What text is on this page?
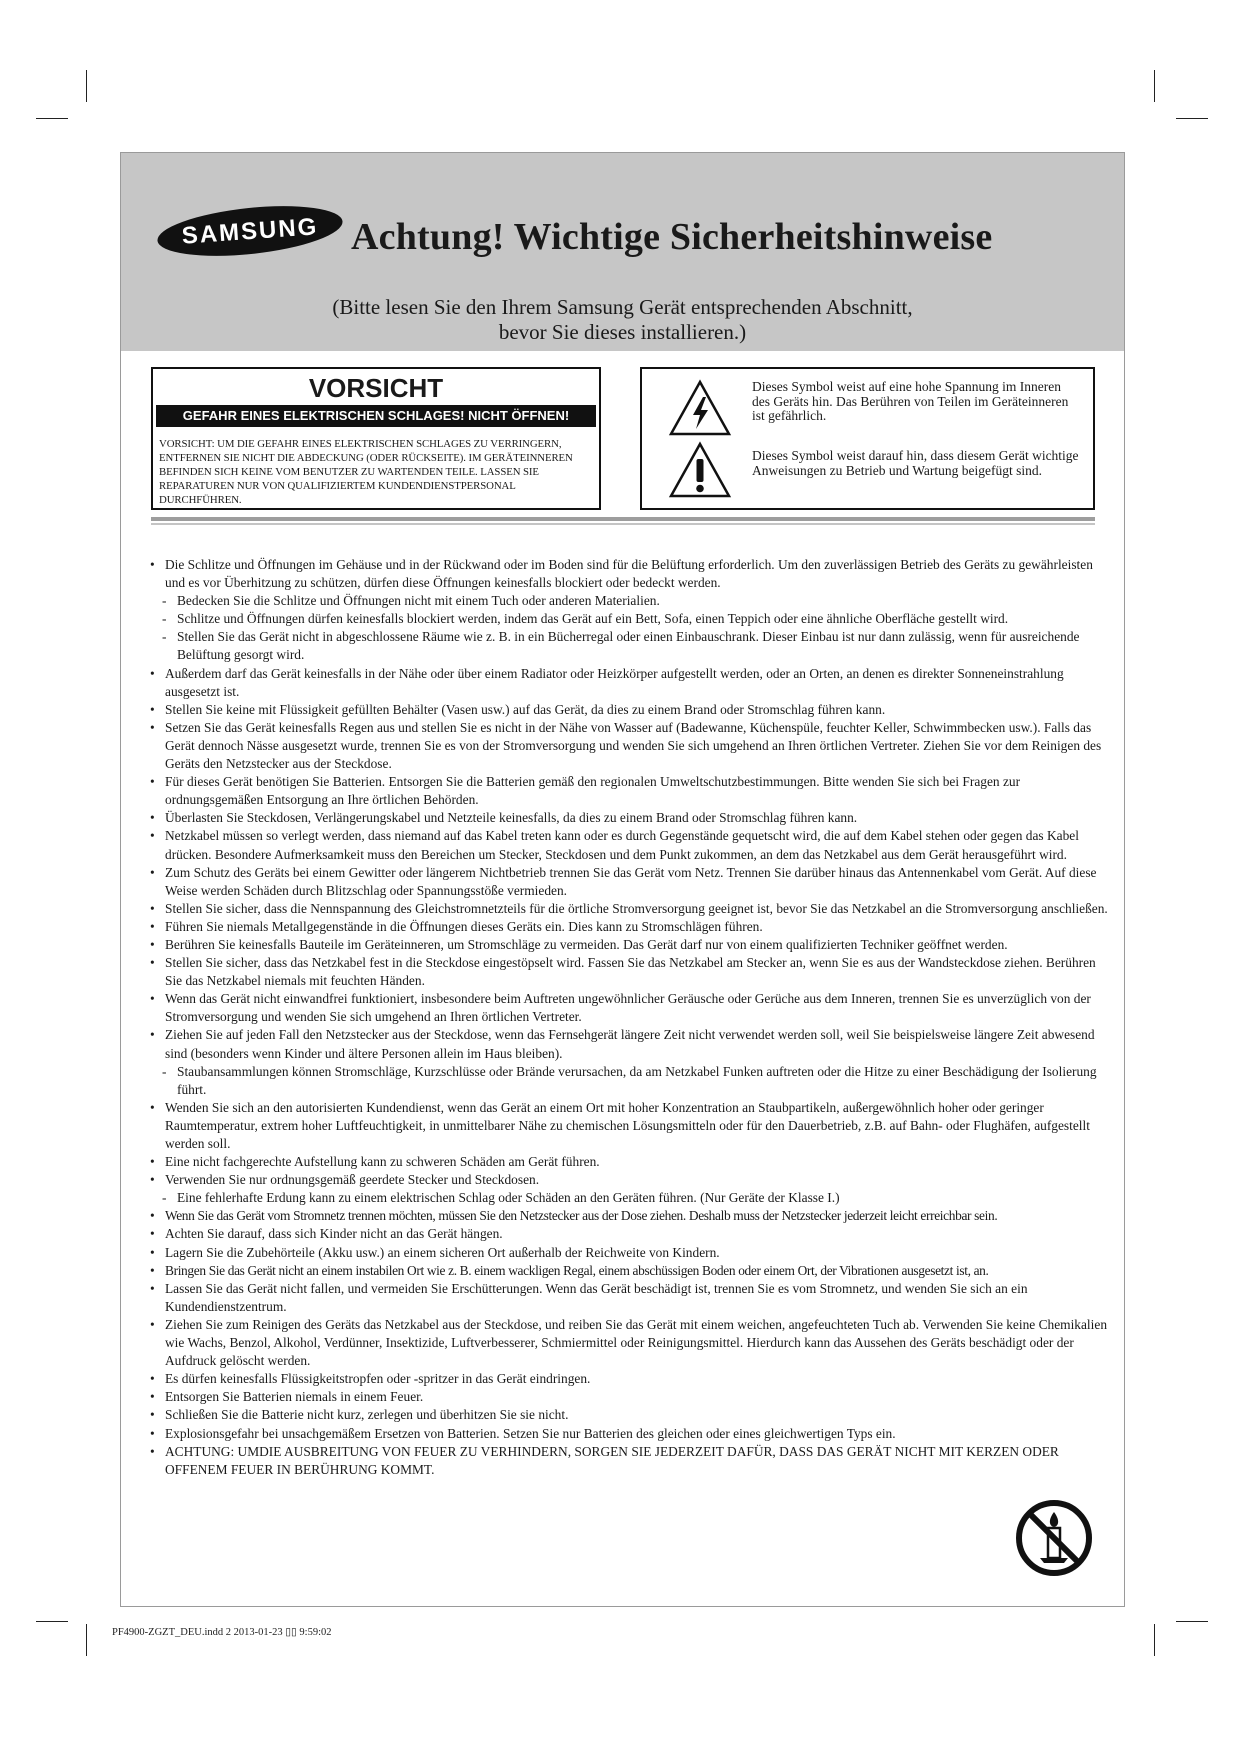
SAMSUNG Achtung! Wichtige Sicherheitshinweise
(Bitte lesen Sie den Ihrem Samsung Gerät entsprechenden Abschnitt,
bevor Sie dieses installieren.)
VORSICHT
GEFAHR EINES ELEKTRISCHEN SCHLAGES! NICHT ÖFFNEN!
VORSICHT: UM DIE GEFAHR EINES ELEKTRISCHEN SCHLAGES ZU VERRINGERN, ENTFERNEN SIE NICHT DIE ABDECKUNG (ODER RÜCKSEITE). IM GERÄTEINNEREN BEFINDEN SICH KEINE VOM BENUTZER ZU WARTENDEN TEILE. LASSEN SIE REPARATUREN NUR VON QUALIFIZIERTEM KUNDENDIENSTPERSONAL DURCHFÜHREN.
Dieses Symbol weist auf eine hohe Spannung im Inneren des Geräts hin. Das Berühren von Teilen im Geräteinneren ist gefährlich.
Dieses Symbol weist darauf hin, dass diesem Gerät wichtige Anweisungen zu Betrieb und Wartung beigefügt sind.
• Die Schlitze und Öffnungen im Gehäuse und in der Rückwand oder im Boden sind für die Belüftung erforderlich. Um den zuverlässigen Betrieb des Geräts zu gewährleisten und es vor Überhitzung zu schützen, dürfen diese Öffnungen keinesfalls blockiert oder bedeckt werden.
- Bedecken Sie die Schlitze und Öffnungen nicht mit einem Tuch oder anderen Materialien.
- Schlitze und Öffnungen dürfen keinesfalls blockiert werden, indem das Gerät auf ein Bett, Sofa, einen Teppich oder eine ähnliche Oberfläche gestellt wird.
- Stellen Sie das Gerät nicht in abgeschlossene Räume wie z. B. in ein Bücherregal oder einen Einbauschrank. Dieser Einbau ist nur dann zulässig, wenn für ausreichende Belüftung gesorgt wird.
• Außerdem darf das Gerät keinesfalls in der Nähe oder über einem Radiator oder Heizkörper aufgestellt werden, oder an Orten, an denen es direkter Sonneneinstrahlung ausgesetzt ist.
• Stellen Sie keine mit Flüssigkeit gefüllten Behälter (Vasen usw.) auf das Gerät, da dies zu einem Brand oder Stromschlag führen kann.
• Setzen Sie das Gerät keinesfalls Regen aus und stellen Sie es nicht in der Nähe von Wasser auf (Badewanne, Küchenspüle, feuchter Keller, Schwimmbecken usw.). Falls das Gerät dennoch Nässe ausgesetzt wurde, trennen Sie es von der Stromversorgung und wenden Sie sich umgehend an Ihren örtlichen Vertreter. Ziehen Sie vor dem Reinigen des Geräts den Netzstecker aus der Steckdose.
• Für dieses Gerät benötigen Sie Batterien. Entsorgen Sie die Batterien gemäß den regionalen Umweltschutzbestimmungen. Bitte wenden Sie sich bei Fragen zur ordnungsgemäßen Entsorgung an Ihre örtlichen Behörden.
• Überlasten Sie Steckdosen, Verlängerungskabel und Netzteile keinesfalls, da dies zu einem Brand oder Stromschlag führen kann.
• Netzkabel müssen so verlegt werden, dass niemand auf das Kabel treten kann oder es durch Gegenstände gequetscht wird, die auf dem Kabel stehen oder gegen das Kabel drücken. Besondere Aufmerksamkeit muss den Bereichen um Stecker, Steckdosen und dem Punkt zukommen, an dem das Netzkabel aus dem Gerät herausgeführt wird.
• Zum Schutz des Geräts bei einem Gewitter oder längerem Nichtbetrieb trennen Sie das Gerät vom Netz. Trennen Sie darüber hinaus das Antennenkabel vom Gerät. Auf diese Weise werden Schäden durch Blitzschlag oder Spannungsstöße vermieden.
• Stellen Sie sicher, dass die Nennspannung des Gleichstromnetzteils für die örtliche Stromversorgung geeignet ist, bevor Sie das Netzkabel an die Stromversorgung anschließen.
• Führen Sie niemals Metallgegenstände in die Öffnungen dieses Geräts ein. Dies kann zu Stromschlägen führen.
• Berühren Sie keinesfalls Bauteile im Geräteinneren, um Stromschläge zu vermeiden. Das Gerät darf nur von einem qualifizierten Techniker geöffnet werden.
• Stellen Sie sicher, dass das Netzkabel fest in die Steckdose eingestöpselt wird. Fassen Sie das Netzkabel am Stecker an, wenn Sie es aus der Wandsteckdose ziehen. Berühren Sie das Netzkabel niemals mit feuchten Händen.
• Wenn das Gerät nicht einwandfrei funktioniert, insbesondere beim Auftreten ungewöhnlicher Geräusche oder Gerüche aus dem Inneren, trennen Sie es unverzüglich von der Stromversorgung und wenden Sie sich umgehend an Ihren örtlichen Vertreter.
• Ziehen Sie auf jeden Fall den Netzstecker aus der Steckdose, wenn das Fernsehgerät längere Zeit nicht verwendet werden soll, weil Sie beispielsweise längere Zeit abwesend sind (besonders wenn Kinder und ältere Personen allein im Haus bleiben).
- Staubansammlungen können Stromschläge, Kurzschlüsse oder Brände verursachen, da am Netzkabel Funken auftreten oder die Hitze zu einer Beschädigung der Isolierung führt.
• Wenden Sie sich an den autorisierten Kundendienst, wenn das Gerät an einem Ort mit hoher Konzentration an Staubpartikeln, außergewöhnlich hoher oder geringer Raumtemperatur, extrem hoher Luftfeuchtigkeit, in unmittelbarer Nähe zu chemischen Lösungsmitteln oder für den Dauerbetrieb, z.B. auf Bahn- oder Flughäfen, aufgestellt werden soll.
• Eine nicht fachgerechte Aufstellung kann zu schweren Schäden am Gerät führen.
• Verwenden Sie nur ordnungsgemäß geerdete Stecker und Steckdosen.
- Eine fehlerhafte Erdung kann zu einem elektrischen Schlag oder Schäden an den Geräten führen. (Nur Geräte der Klasse I.)
• Wenn Sie das Gerät vom Stromnetz trennen möchten, müssen Sie den Netzstecker aus der Dose ziehen. Deshalb muss der Netzstecker jederzeit leicht erreichbar sein.
• Achten Sie darauf, dass sich Kinder nicht an das Gerät hängen.
• Lagern Sie die Zubehörteile (Akku usw.) an einem sicheren Ort außerhalb der Reichweite von Kindern.
• Bringen Sie das Gerät nicht an einem instabilen Ort wie z. B. einem wackligen Regal, einem abschüssigen Boden oder einem Ort, der Vibrationen ausgesetzt ist, an.
• Lassen Sie das Gerät nicht fallen, und vermeiden Sie Erschütterungen. Wenn das Gerät beschädigt ist, trennen Sie es vom Stromnetz, und wenden Sie sich an ein Kundendienstzentrum.
• Ziehen Sie zum Reinigen des Geräts das Netzkabel aus der Steckdose, und reiben Sie das Gerät mit einem weichen, angefeuchteten Tuch ab. Verwenden Sie keine Chemikalien wie Wachs, Benzol, Alkohol, Verdünner, Insektizide, Luftverbesserer, Schmiermittel oder Reinigungsmittel. Hierdurch kann das Aussehen des Geräts beschädigt oder der Aufdruck gelöscht werden.
• Es dürfen keinesfalls Flüssigkeitstropfen oder -spritzer in das Gerät eindringen.
• Entsorgen Sie Batterien niemals in einem Feuer.
• Schließen Sie die Batterie nicht kurz, zerlegen und überhitzen Sie sie nicht.
• Explosionsgefahr bei unsachgemäßem Ersetzen von Batterien. Setzen Sie nur Batterien des gleichen oder eines gleichwertigen Typs ein.
• ACHTUNG: UMDIE AUSBREITUNG VON FEUER ZU VERHINDERN, SORGEN SIE JEDERZEIT DAFÜR, DASS DAS GERÄT NICHT MIT KERZEN ODER OFFENEM FEUER IN BERÜHRUNG KOMMT.
PF4900-ZGZT_DEU.indd 2 2013-01-23 ▯▯ 9:59:02
